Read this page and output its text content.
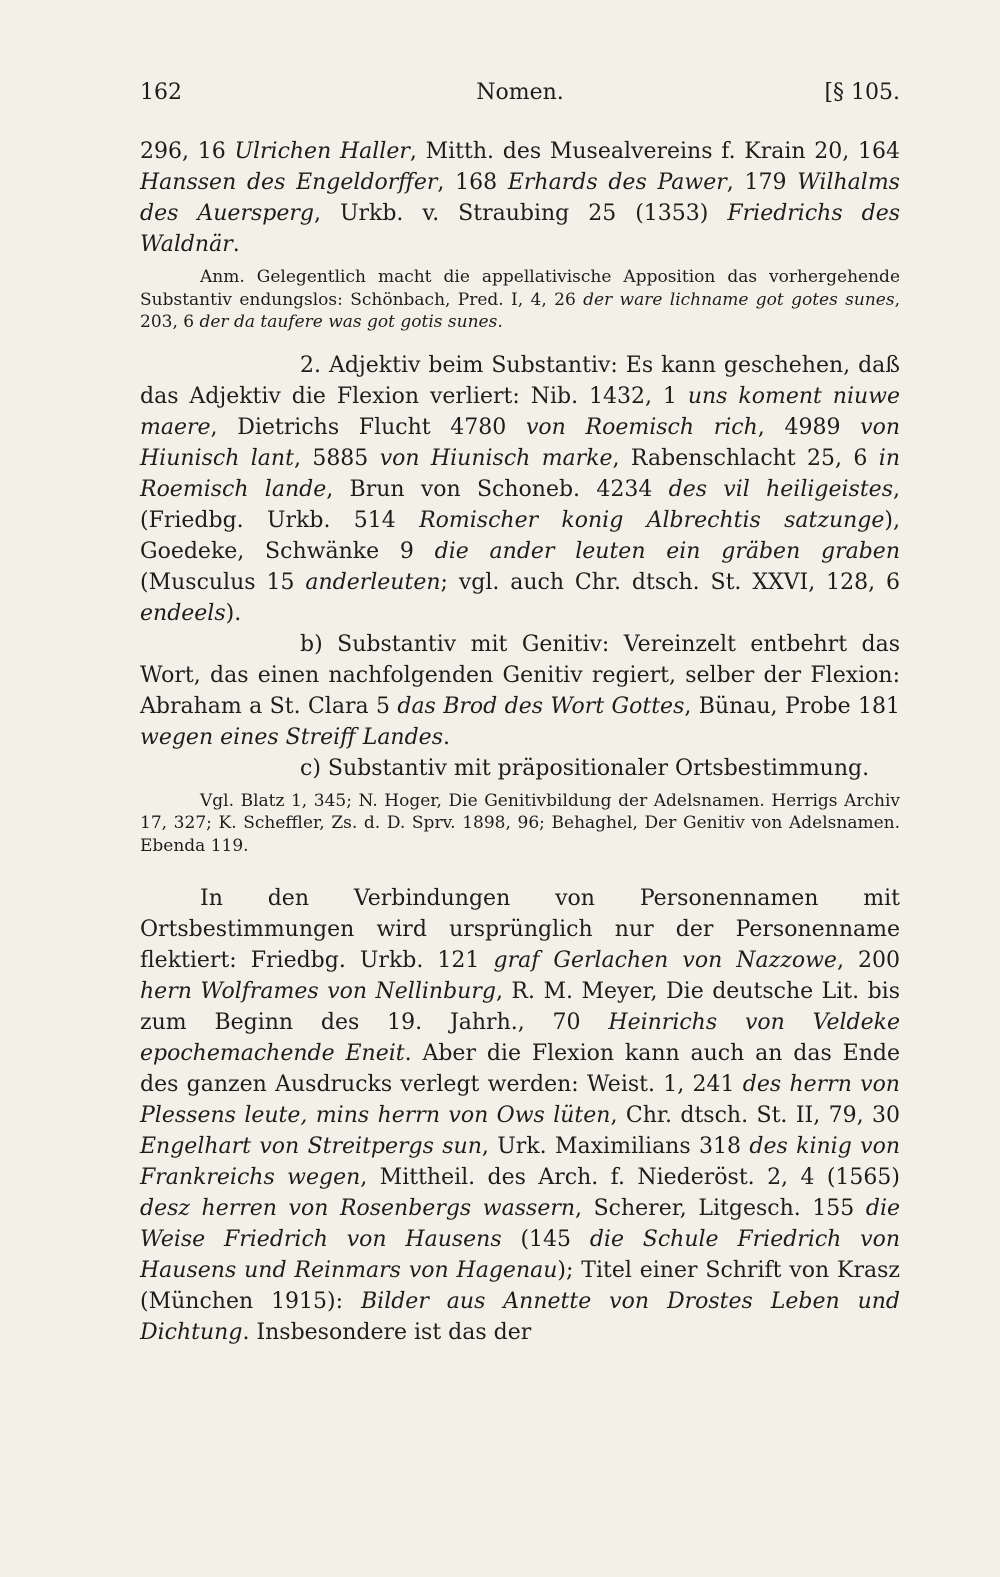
162	Nomen.	[§ 105.

296, 16 Ulrichen Haller, Mitth. des Musealvereins f. Krain 20, 164 Hanssen des Engeldorffer, 168 Erhards des Pawer, 179 Wilhalms des Auersperg, Urkb. v. Straubing 25 (1353) Friedrichs des Waldnär.

Anm. Gelegentlich macht die appellativische Apposition das vorhergehende Substantiv endungslos: Schönbach, Pred. I, 4, 26 der ware lichname got gotes sunes, 203, 6 der da taufere was got gotis sunes.

2. Adjektiv beim Substantiv: Es kann geschehen, daß das Adjektiv die Flexion verliert: Nib. 1432, 1 uns koment niuwe maere, Dietrichs Flucht 4780 von Roemisch rich, 4989 von Hiunisch lant, 5885 von Hiunisch marke, Rabenschlacht 25, 6 in Roemisch lande, Brun von Schoneb. 4234 des vil heiligeistes, (Friedbg. Urkb. 514 Romischer konig Albrechtis satzunge), Goedeke, Schwänke 9 die ander leuten ein gräben graben (Musculus 15 anderleuten; vgl. auch Chr. dtsch. St. XXVI, 128, 6 endeels).

b) Substantiv mit Genitiv: Vereinzelt entbehrt das Wort, das einen nachfolgenden Genitiv regiert, selber der Flexion: Abraham a St. Clara 5 das Brod des Wort Gottes, Bünau, Probe 181 wegen eines Streiff Landes.

c) Substantiv mit präpositionaler Ortsbestimmung.

Vgl. Blatz 1, 345; N. Hoger, Die Genitivbildung der Adelsnamen. Herrigs Archiv 17, 327; K. Scheffler, Zs. d. D. Sprv. 1898, 96; Behaghel, Der Genitiv von Adelsnamen. Ebenda 119.

In den Verbindungen von Personennamen mit Ortsbestimmungen wird ursprünglich nur der Personenname flektiert: Friedbg. Urkb. 121 graf Gerlachen von Nazzowe, 200 hern Wolframes von Nellinburg, R. M. Meyer, Die deutsche Lit. bis zum Beginn des 19. Jahrh., 70 Heinrichs von Veldeke epochemachende Eneit. Aber die Flexion kann auch an das Ende des ganzen Ausdrucks verlegt werden: Weist. 1, 241 des herrn von Plessens leute, mins herrn von Ows lüten, Chr. dtsch. St. II, 79, 30 Engelhart von Streitpergs sun, Urk. Maximilians 318 des kinig von Frankreichs wegen, Mittheil. des Arch. f. Niederöst. 2, 4 (1565) desz herren von Rosenbergs wassern, Scherer, Litgesch. 155 die Weise Friedrich von Hausens (145 die Schule Friedrich von Hausens und Reinmars von Hagenau); Titel einer Schrift von Krasz (München 1915): Bilder aus Annette von Drostes Leben und Dichtung. Insbesondere ist das der
